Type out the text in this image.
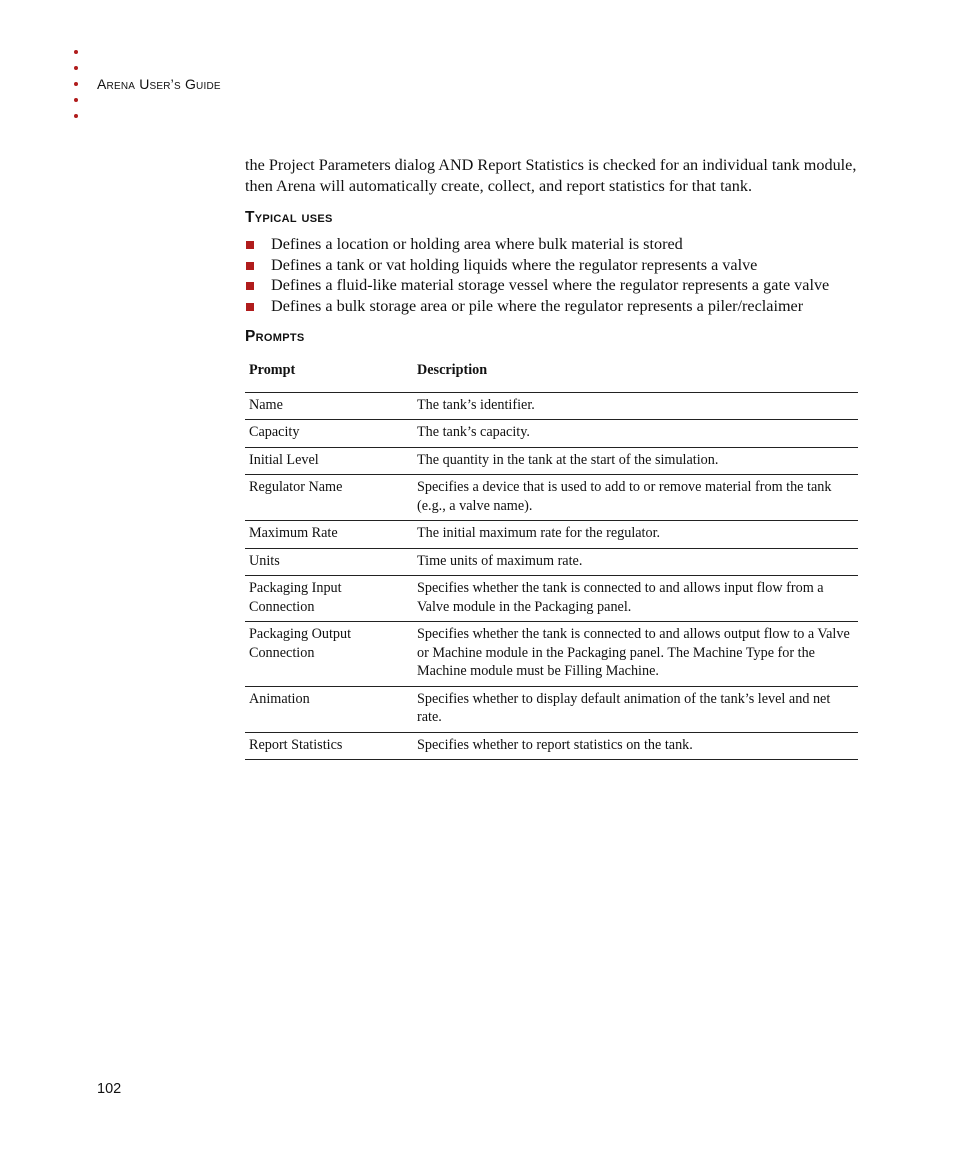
Arena User’s Guide

the Project Parameters dialog AND Report Statistics is checked for an individual tank module, then Arena will automatically create, collect, and report statistics for that tank.

Typical uses
Defines a location or holding area where bulk material is stored
Defines a tank or vat holding liquids where the regulator represents a valve
Defines a fluid-like material storage vessel where the regulator represents a gate valve
Defines a bulk storage area or pile where the regulator represents a piler/reclaimer
Prompts
Prompt	Description
Name	The tank’s identifier.
Capacity	The tank’s capacity.
Initial Level	The quantity in the tank at the start of the simulation.
Regulator Name	Specifies a device that is used to add to or remove material from the tank (e.g., a valve name).
Maximum Rate	The initial maximum rate for the regulator.
Units	Time units of maximum rate.
Packaging Input Connection	Specifies whether the tank is connected to and allows input flow from a Valve module in the Packaging panel.
Packaging Output Connection	Specifies whether the tank is connected to and allows output flow to a Valve or Machine module in the Packaging panel. The Machine Type for the Machine module must be Filling Machine.
Animation	Specifies whether to display default animation of the tank’s level and net rate.
Report Statistics	Specifies whether to report statistics on the tank.
102
